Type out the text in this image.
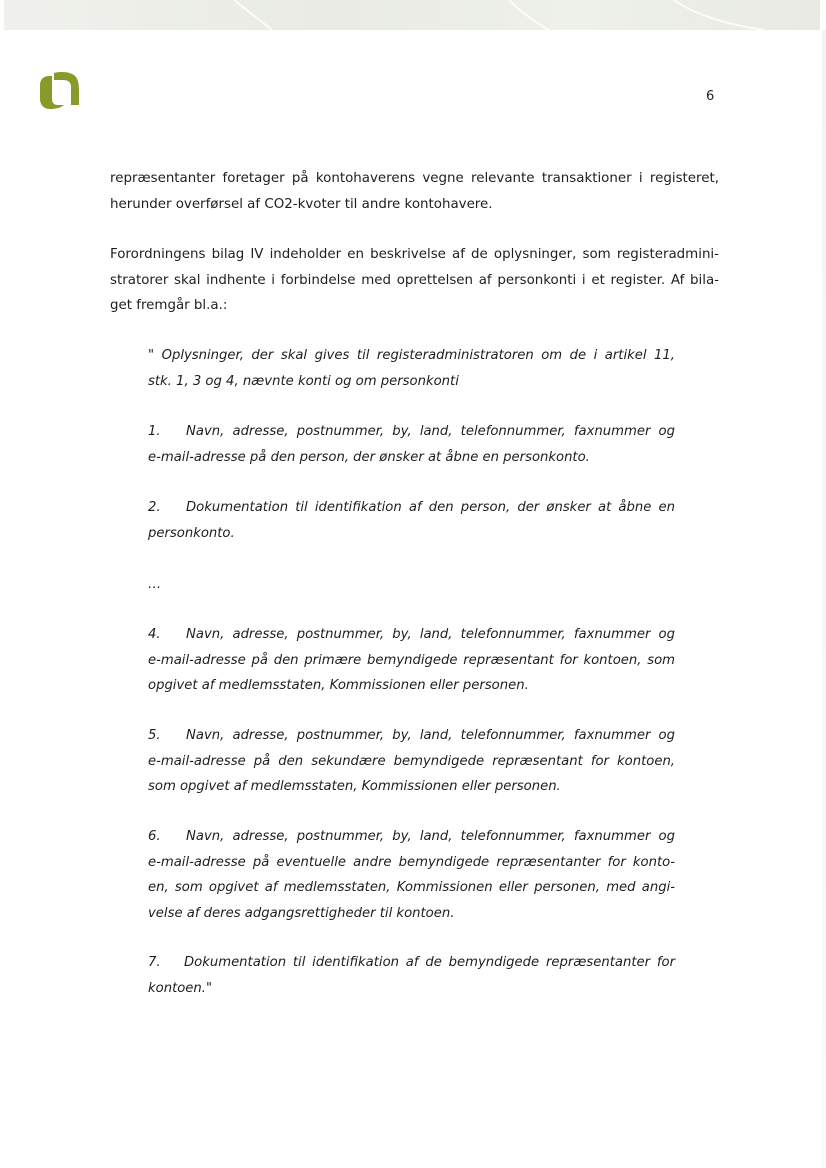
6
repræsentanter foretager på kontohaverens vegne relevante transaktioner i registeret,
herunder overførsel af CO2-kvoter til andre kontohavere.
Forordningens bilag IV indeholder en beskrivelse af de oplysninger, som registeradmini-
stratorer skal indhente i forbindelse med oprettelsen af personkonti i et register. Af bila-
get fremgår bl.a.:
" Oplysninger, der skal gives til registeradministratoren om de i artikel 11,
stk. 1, 3 og 4, nævnte konti og om personkonti
1. Navn, adresse, postnummer, by, land, telefonnummer, faxnummer og
e-mail-adresse på den person, der ønsker at åbne en personkonto.
2. Dokumentation til identifikation af den person, der ønsker at åbne en
personkonto.
…
4. Navn, adresse, postnummer, by, land, telefonnummer, faxnummer og
e-mail-adresse på den primære bemyndigede repræsentant for kontoen, som
opgivet af medlemsstaten, Kommissionen eller personen.
5. Navn, adresse, postnummer, by, land, telefonnummer, faxnummer og
e-mail-adresse på den sekundære bemyndigede repræsentant for kontoen,
som opgivet af medlemsstaten, Kommissionen eller personen.
6. Navn, adresse, postnummer, by, land, telefonnummer, faxnummer og
e-mail-adresse på eventuelle andre bemyndigede repræsentanter for konto-
en, som opgivet af medlemsstaten, Kommissionen eller personen, med angi-
velse af deres adgangsrettigheder til kontoen.
7. Dokumentation til identifikation af de bemyndigede repræsentanter for
kontoen."
